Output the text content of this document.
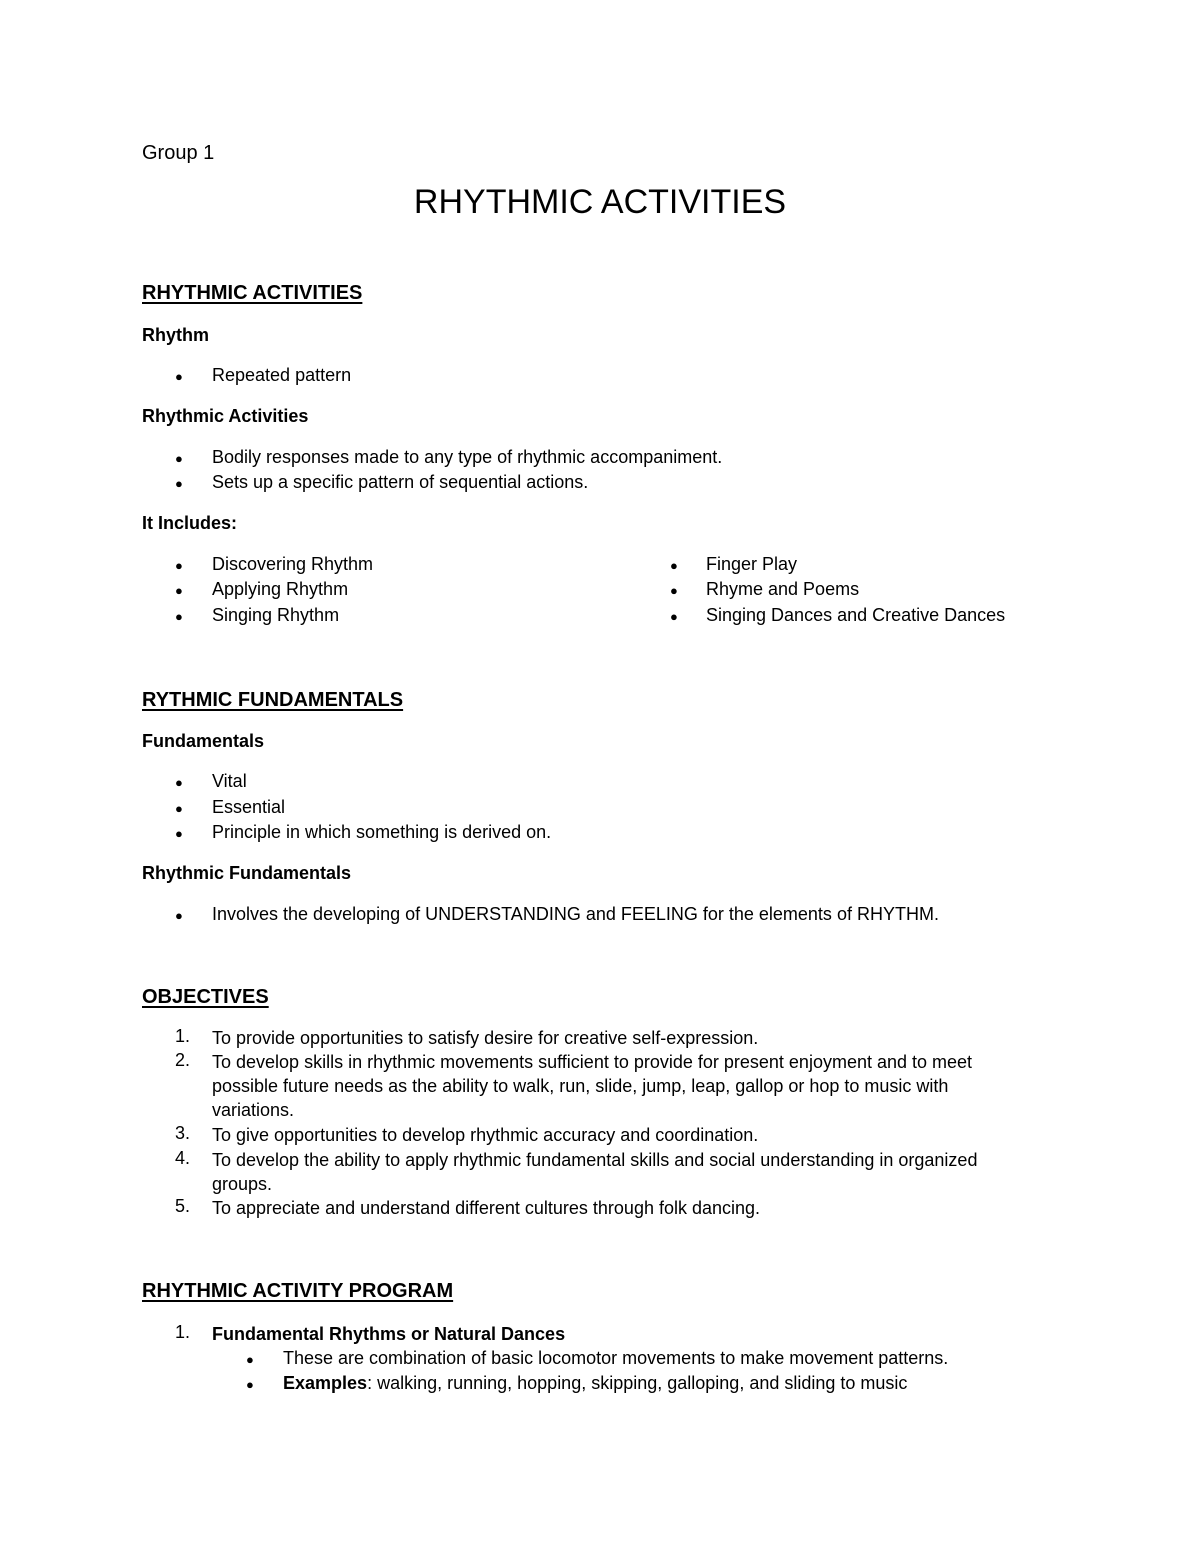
Group 1
RHYTHMIC ACTIVITIES
RHYTHMIC ACTIVITIES
Rhythm
● Repeated pattern
Rhythmic Activities
● Bodily responses made to any type of rhythmic accompaniment.
● Sets up a specific pattern of sequential actions.
It Includes:
● Discovering Rhythm
● Applying Rhythm
● Singing Rhythm
● Finger Play
● Rhyme and Poems
● Singing Dances and Creative Dances
RYTHMIC FUNDAMENTALS
Fundamentals
● Vital
● Essential
● Principle in which something is derived on.
Rhythmic Fundamentals
● Involves the developing of UNDERSTANDING and FEELING for the elements of RHYTHM.
OBJECTIVES
1. To provide opportunities to satisfy desire for creative self-expression.
2. To develop skills in rhythmic movements sufficient to provide for present enjoyment and to meet
possible future needs as the ability to walk, run, slide, jump, leap, gallop or hop to music with
variations.
3. To give opportunities to develop rhythmic accuracy and coordination.
4. To develop the ability to apply rhythmic fundamental skills and social understanding in organized
groups.
5. To appreciate and understand different cultures through folk dancing.
RHYTHMIC ACTIVITY PROGRAM
1. Fundamental Rhythms or Natural Dances
● These are combination of basic locomotor movements to make movement patterns.
● Examples: walking, running, hopping, skipping, galloping, and sliding to music
